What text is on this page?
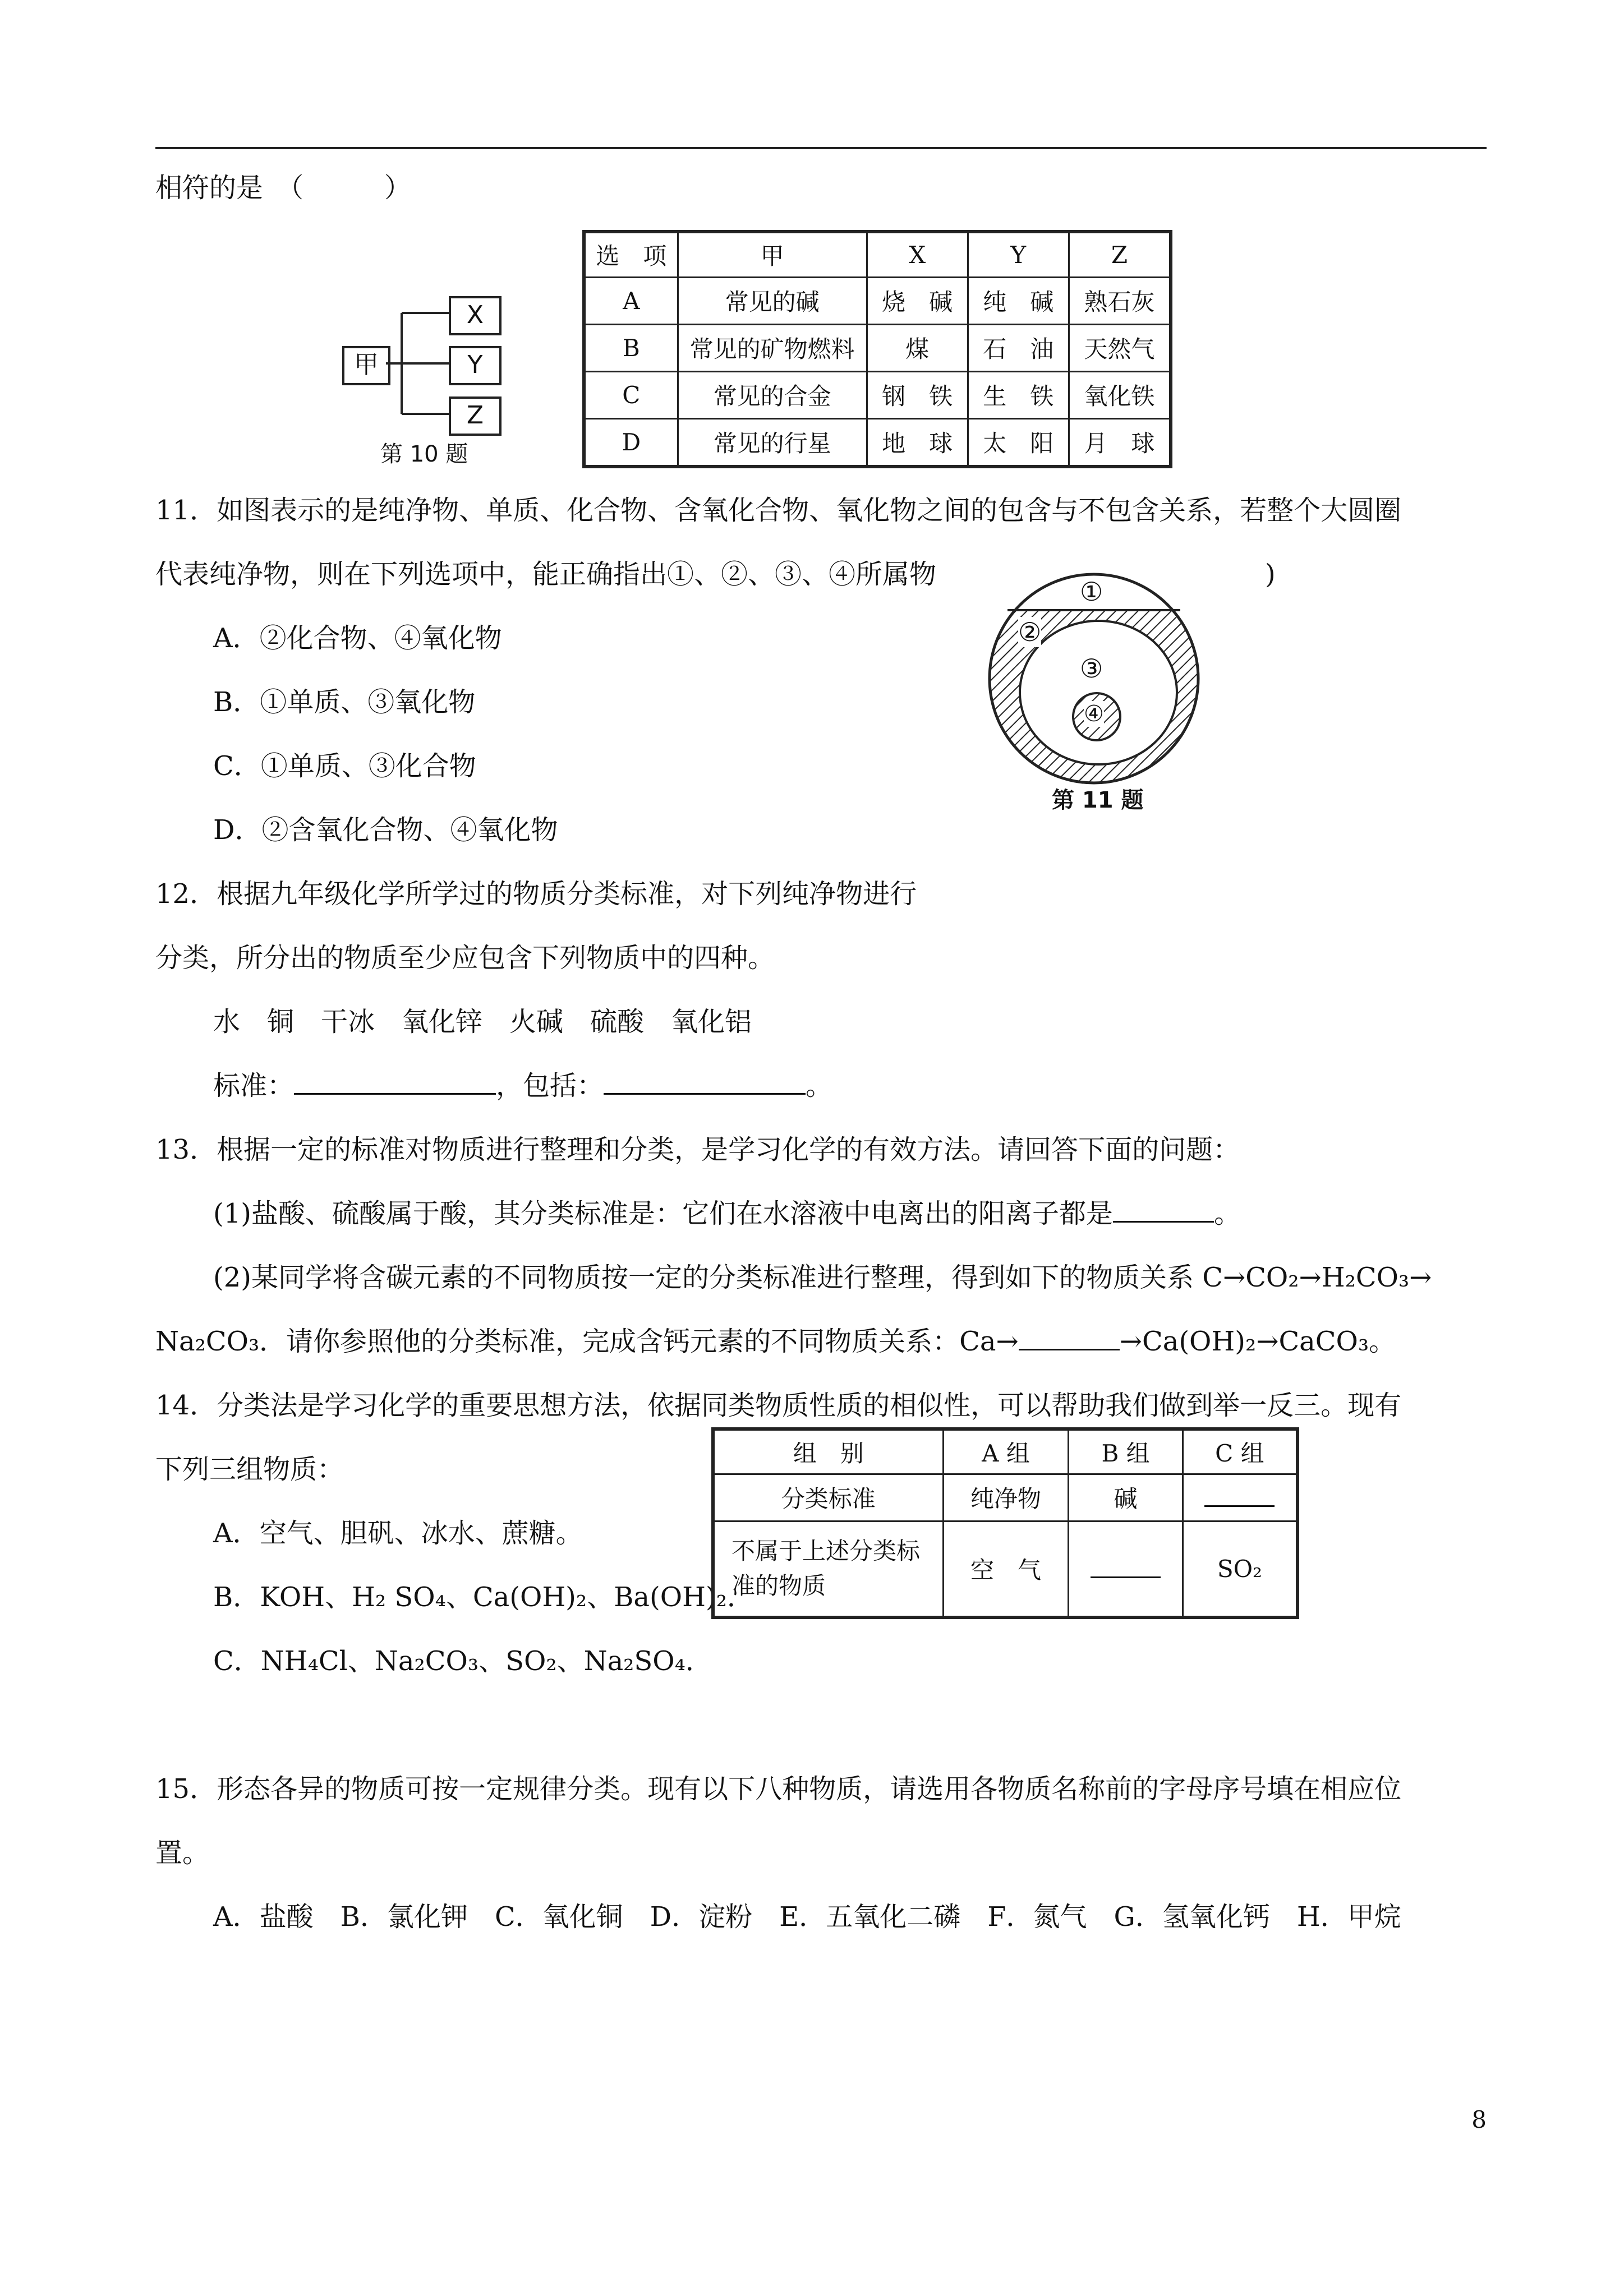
相符的是　（　　　）
甲
X
Y
Z
第 10 题
选　项	甲	X	Y	Z
A	常见的碱	烧　碱	纯　碱	熟石灰
B	常见的矿物燃料	煤	石　油	天然气
C	常见的合金	钢　铁	生　铁	氧化铁
D	常见的行星	地　球	太　阳	月　球
11．如图表示的是纯净物、单质、化合物、含氧化合物、氧化物之间的包含与不包含关系，若整个大圆圈
代表纯净物，则在下列选项中，能正确指出①、②、③、④所属物	)
A．②化合物、④氧化物
B．①单质、③氧化物
C．①单质、③化合物
D．②含氧化合物、④氧化物
①
②
③
④
第 11 题
12．根据九年级化学所学过的物质分类标准，对下列纯净物进行
分类，所分出的物质至少应包含下列物质中的四种。
水　铜　干冰　氧化锌　火碱　硫酸　氧化铝
标准：	，包括：	。
13．根据一定的标准对物质进行整理和分类，是学习化学的有效方法。请回答下面的问题：
(1)盐酸、硫酸属于酸，其分类标准是：它们在水溶液中电离出的阳离子都是	。
(2)某同学将含碳元素的不同物质按一定的分类标准进行整理，得到如下的物质关系 C→CO₂→H₂CO₃→
Na₂CO₃．请你参照他的分类标准，完成含钙元素的不同物质关系：Ca→	→Ca(OH)₂→CaCO₃。
14．分类法是学习化学的重要思想方法，依据同类物质性质的相似性，可以帮助我们做到举一反三。现有
下列三组物质：
A．空气、胆矾、冰水、蔗糖。
B．KOH、H₂ SO₄、Ca(OH)₂、Ba(OH)₂．
C．NH₄Cl、Na₂CO₃、SO₂、Na₂SO₄．
组　别	A 组	B 组	C 组
分类标准	纯净物	碱	

不属于上述分类标
准的物质	空　气		SO₂
15．形态各异的物质可按一定规律分类。现有以下八种物质，请选用各物质名称前的字母序号填在相应位
置。
A．盐酸　B．氯化钾　C．氧化铜　D．淀粉　E．五氧化二磷　F．氮气　G．氢氧化钙　H．甲烷
8
